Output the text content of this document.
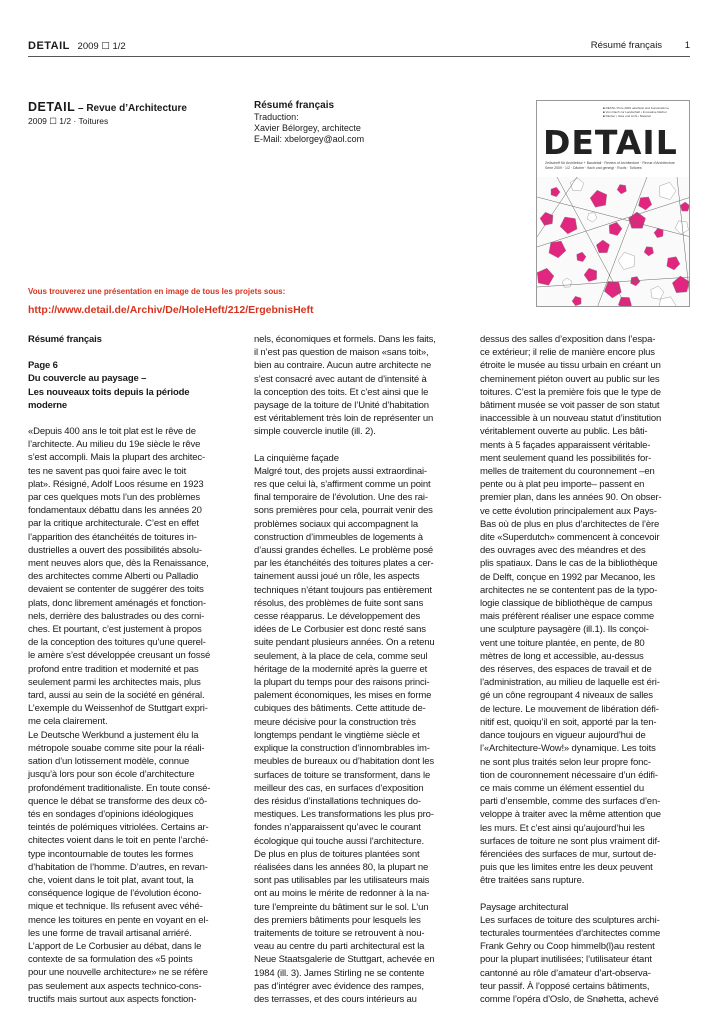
DETAIL 2009 ☐ 1/2	Résumé français 1
DETAIL – Revue d’Architecture
2009 ☐ 1/2 · Toitures
Résumé français
Traduction:
Xavier Bélorgey, architecte
E-Mail: xbelorgey@aol.com
■ DETAIL Prize 2009 »Esthetic and Konstruktion«
■ Vom Dach zur Landschaft • Innovative Dächer
■ Dächer • Glas und Licht • Material
DETAIL
Zeitschrift für Architektur + Baudetail · Review of Architecture · Revue d’Architecture
Serie 2009 · 1/2 · Dächer · flach und geneigt · Roofs · Toitures
Vous trouverez une présentation en image de tous les projets sous:
http://www.detail.de/Archiv/De/HoleHeft/212/ErgebnisHeft

Résumé français

Page 6

Du couvercle au paysage –

Les nouveaux toits depuis la période

moderne

«Depuis 400 ans le toit plat est le rêve de

l’architecte. Au milieu du 19e siècle le rêve

s’est accompli. Mais la plupart des architec-

tes ne savent pas quoi faire avec le toit

plat». Résigné, Adolf Loos résume en 1923

par ces quelques mots l’un des problèmes

fondamentaux débattu dans les années 20

par la critique architecturale. C’est en effet

l’apparition des étanchéités de toitures in-

dustrielles a ouvert des possibilités absolu-

ment neuves alors que, dès la Renaissance,

des architectes comme Alberti ou Palladio

devaient se contenter de suggérer des toits

plats, donc librement aménagés et fonction-

nels, derrière des balustrades ou des corni-

ches. Et pourtant, c’est justement à propos

de la conception des toitures qu’une querel-

le amère s’est développée creusant un fossé

profond entre tradition et modernité et pas

seulement parmi les architectes mais, plus

tard, aussi au sein de la société en général.

L’exemple du Weissenhof de Stuttgart expri-

me cela clairement.

Le Deutsche Werkbund a justement élu la

métropole souabe comme site pour la réali-

sation d’un lotissement modèle, connue

jusqu’à lors pour son école d’architecture

profondément traditionaliste. En toute consé-

quence le débat se transforme des deux cô-

tés en sondages d’opinions idéologiques

teintés de polémiques vitriolées. Certains ar-

chitectes voient dans le toit en pente l’arché-

type incontournable de toutes les formes

d’habitation de l’homme. D’autres, en revan-

che, voient dans le toit plat, avant tout, la

conséquence logique de l’évolution écono-

mique et technique. Ils refusent avec véhé-

mence les toitures en pente en voyant en el-

les une forme de travail artisanal arriéré.

L’apport de Le Corbusier au débat, dans le

contexte de sa formulation des «5 points

pour une nouvelle architecture» ne se réfère

pas seulement aux aspects technico-cons-

tructifs mais surtout aux aspects fonction-

nels, économiques et formels. Dans les faits,

il n’est pas question de maison «sans toit»,

bien au contraire. Aucun autre architecte ne

s’est consacré avec autant de d’intensité à

la conception des toits. Et c’est ainsi que le

paysage de la toiture de l’Unité d’habitation

est véritablement très loin de représenter un

simple couvercle inutile (ill. 2).

La cinquième façade

Malgré tout, des projets aussi extraordinai-

res que celui là, s’affirment comme un point

final temporaire de l’évolution. Une des rai-

sons premières pour cela, pourrait venir des

problèmes sociaux qui accompagnent la

construction d’immeubles de logements à

d’aussi grandes échelles. Le problème posé

par les étanchéités des toitures plates a cer-

tainement aussi joué un rôle, les aspects

techniques n’étant toujours pas entièrement

résolus, des problèmes de fuite sont sans

cesse réapparus. Le développement des

idées de Le Corbusier est donc resté sans

suite pendant plusieurs années. On a retenu

seulement, à la place de cela, comme seul

héritage de la modernité après la guerre et

la plupart du temps pour des raisons princi-

palement économiques, les mises en forme

cubiques des bâtiments. Cette attitude de-

meure décisive pour la construction très

longtemps pendant le vingtième siècle et

explique la construction d’innombrables im-

meubles de bureaux ou d’habitation dont les

surfaces de toiture se transforment, dans le

meilleur des cas, en surfaces d’exposition

des résidus d’installations techniques do-

mestiques. Les transformations les plus pro-

fondes n’apparaissent qu’avec le courant

écologique qui touche aussi l’architecture.

De plus en plus de toitures plantées sont

réalisées dans les années 80, la plupart ne

sont pas utilisables par les utilisateurs mais

ont au moins le mérite de redonner à la na-

ture l’empreinte du bâtiment sur le sol. L’un

des premiers bâtiments pour lesquels les

traitements de toiture se retrouvent à nou-

veau au centre du parti architectural est la

Neue Staatsgalerie de Stuttgart, achevée en

1984 (ill. 3). James Stirling ne se contente

pas d’intégrer avec évidence des rampes,

des terrasses, et des cours intérieurs au

dessus des salles d’exposition dans l’espa-

ce extérieur; il relie de manière encore plus

étroite le musée au tissu urbain en créant un

cheminement piéton ouvert au public sur les

toitures. C’est la première fois que le type de

bâtiment musée se voit passer de son statut

inaccessible à un nouveau statut d’institution

véritablement ouverte au public. Les bâti-

ments à 5 façades apparaissent véritable-

ment seulement quand les possibilités for-

melles de traitement du couronnement –en

pente ou à plat peu importe– passent en

premier plan, dans les années 90. On obser-

ve cette évolution principalement aux Pays-

Bas où de plus en plus d’architectes de l’ère

dite «Superdutch» commencent à concevoir

des ouvrages avec des méandres et des

plis spatiaux. Dans le cas de la bibliothèque

de Delft, conçue en 1992 par Mecanoo, les

architectes ne se contentent pas de la typo-

logie classique de bibliothèque de campus

mais préfèrent réaliser une espace comme

une sculpture paysagère (ill.1). Ils conçoi-

vent une toiture plantée, en pente, de 80

mètres de long et accessible, au-dessus

des réserves, des espaces de travail et de

l’administration, au milieu de laquelle est éri-

gé un cône regroupant 4 niveaux de salles

de lecture. Le mouvement de libération défi-

nitif est, quoiqu’il en soit, apporté par la ten-

dance toujours en vigueur aujourd’hui de

l’«Architecture-Wow!» dynamique. Les toits

ne sont plus traités selon leur propre fonc-

tion de couronnement nécessaire d’un édifi-

ce mais comme un élément essentiel du

parti d’ensemble, comme des surfaces d’en-

veloppe à traiter avec la même attention que

les murs. Et c’est ainsi qu’aujourd’hui les

surfaces de toiture ne sont plus vraiment dif-

férenciées des surfaces de mur, surtout de-

puis que les limites entre les deux peuvent

être traitées sans rupture.

Paysage architectural

Les surfaces de toiture des sculptures archi-

tecturales tourmentées d’architectes comme

Frank Gehry ou Coop himmelb(l)au restent

pour la plupart inutilisées; l’utilisateur étant

cantonné au rôle d’amateur d’art-observa-

teur passif. À l’opposé certains bâtiments,

comme l’opéra d’Oslo, de Snøhetta, achevé
